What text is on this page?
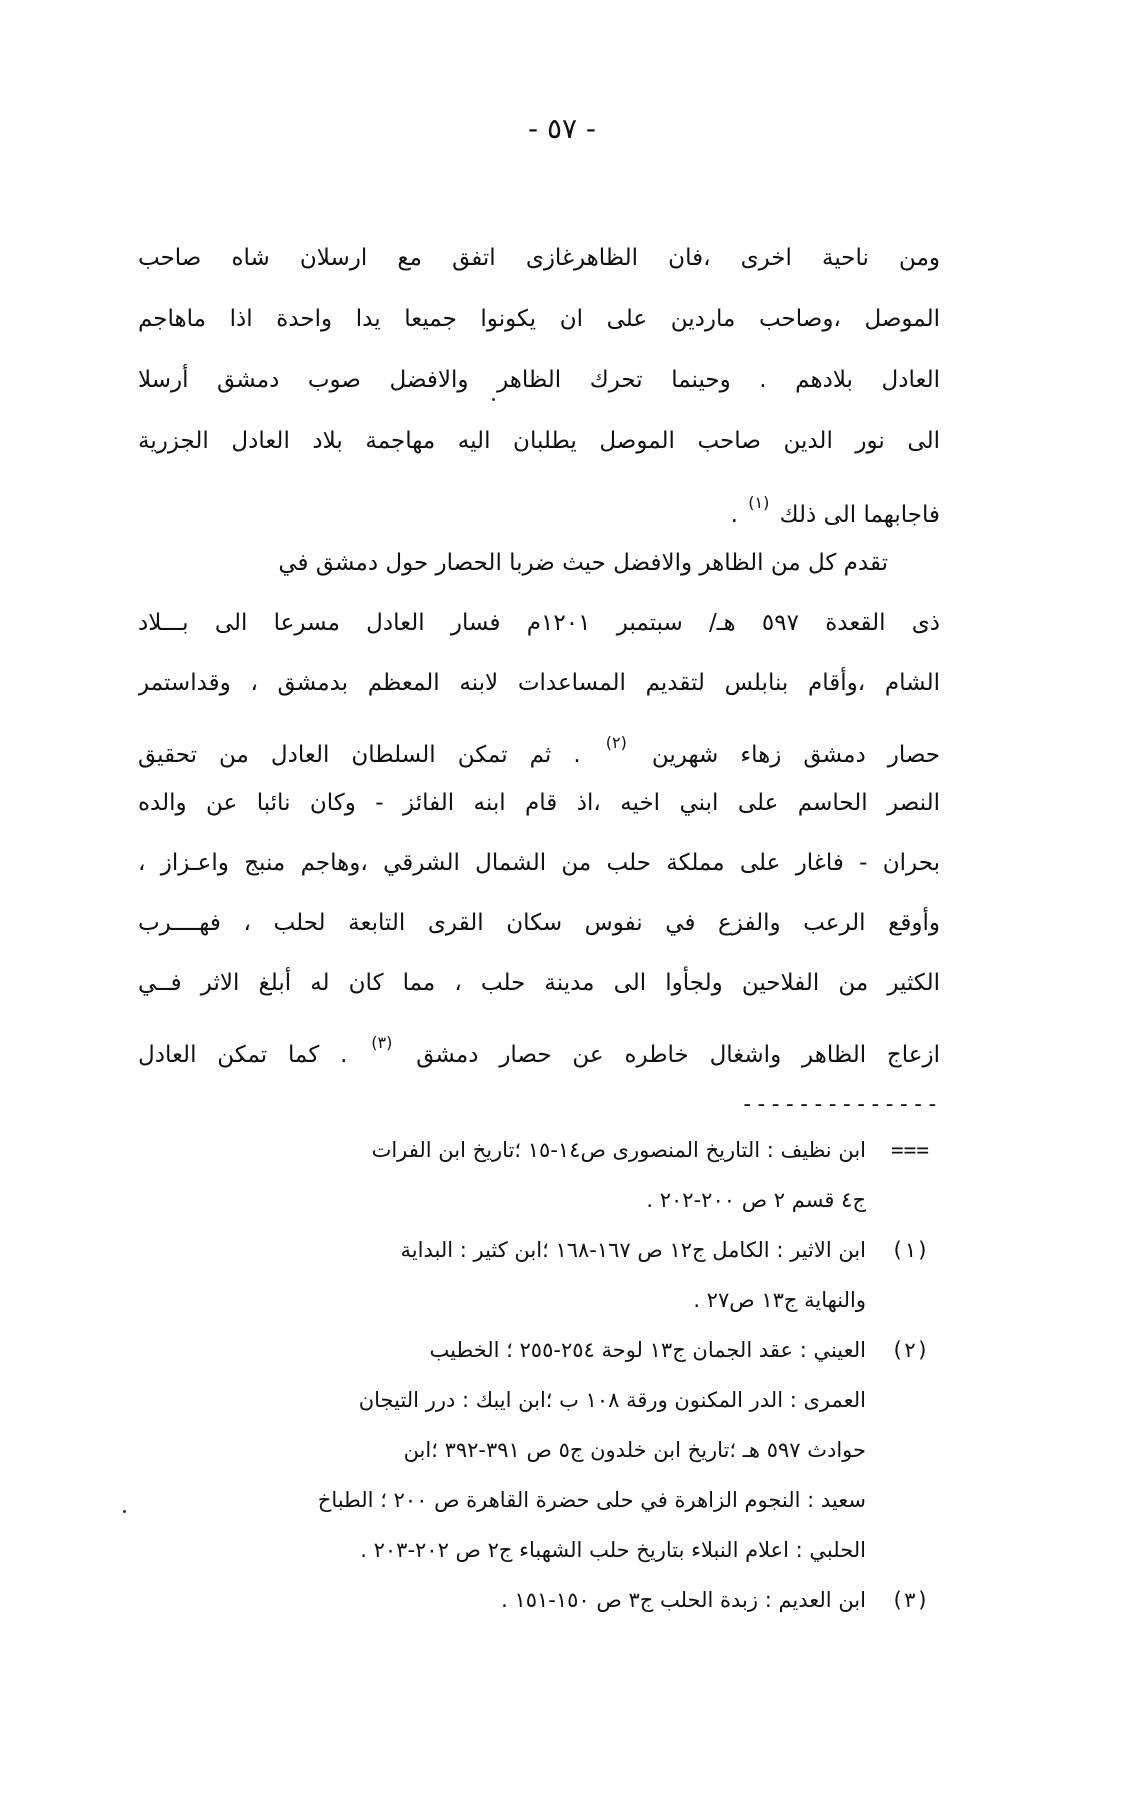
- ٥٧ -
ومن ناحية اخرى ،فان الظاهرغازى اتفق مع ارسلان شاه صاحب
الموصل ،وصاحب ماردين على ان يكونوا جميعا يدا واحدة اذا ماهاجم
العادل بلادهم . وحينما تحرك الظاهر والافضل صوب دمشق أرسلا
الى نور الدين صاحب الموصل يطلبان اليه مهاجمة بلاد العادل الجزرية
فاجابهما الى ذلك $^{(١)}$ .
تقدم كل من الظاهر والافضل حيث ضربا الحصار حول دمشق في
ذى القعدة ٥٩٧ هـ/ سبتمبر ١٢٠١م فسار العادل مسرعا الى بـــلاد
الشام ،وأقام بنابلس لتقديم المساعدات لابنه المعظم بدمشق ، وقداستمر
حصار دمشق زهاء شهرين $^{(٢)}$ . ثم تمكن السلطان العادل من تحقيق
النصر الحاسم على ابني اخيه ،اذ قام ابنه الفائز - وكان نائبا عن والده
بحران - فاغار على مملكة حلب من الشمال الشرقي ،وهاجم منبج واعـزاز ،
وأوقع الرعب والفزع في نفوس سكان القرى التابعة لحلب ، فهــــرب
الكثير من الفلاحين ولجأوا الى مدينة حلب ، مما كان له أبلغ الاثر فــي
ازعاج الظاهر واشغال خاطره عن حصار دمشق $^{(٣)}$ . كما تمكن العادل
--------------
===
ابن نظيف : التاريخ المنصورى ص١٤-١٥ ؛تاريخ ابن الفرات
ج٤ قسم ٢ ص ٢٠٠-٢٠٢ .
(١)
ابن الاثير : الكامل ج١٢ ص ١٦٧-١٦٨ ؛ابن كثير : البداية
والنهاية ج١٣ ص٢٧ .
(٢)
العيني : عقد الجمان ج١٣ لوحة ٢٥٤-٢٥٥ ؛ الخطيب
العمرى : الدر المكنون ورقة ١٠٨ ب ؛ابن ايبك : درر التيجان
حوادث ٥٩٧ هـ ؛تاريخ ابن خلدون ج٥ ص ٣٩١-٣٩٢ ؛ابن
سعيد : النجوم الزاهرة في حلى حضرة القاهرة ص ٢٠٠ ؛ الطباخ
الحلبي : اعلام النبلاء بتاريخ حلب الشهباء ج٢ ص ٢٠٢-٢٠٣ .
(٣)
ابن العديم : زبدة الحلب ج٣ ص ١٥٠-١٥١ .
